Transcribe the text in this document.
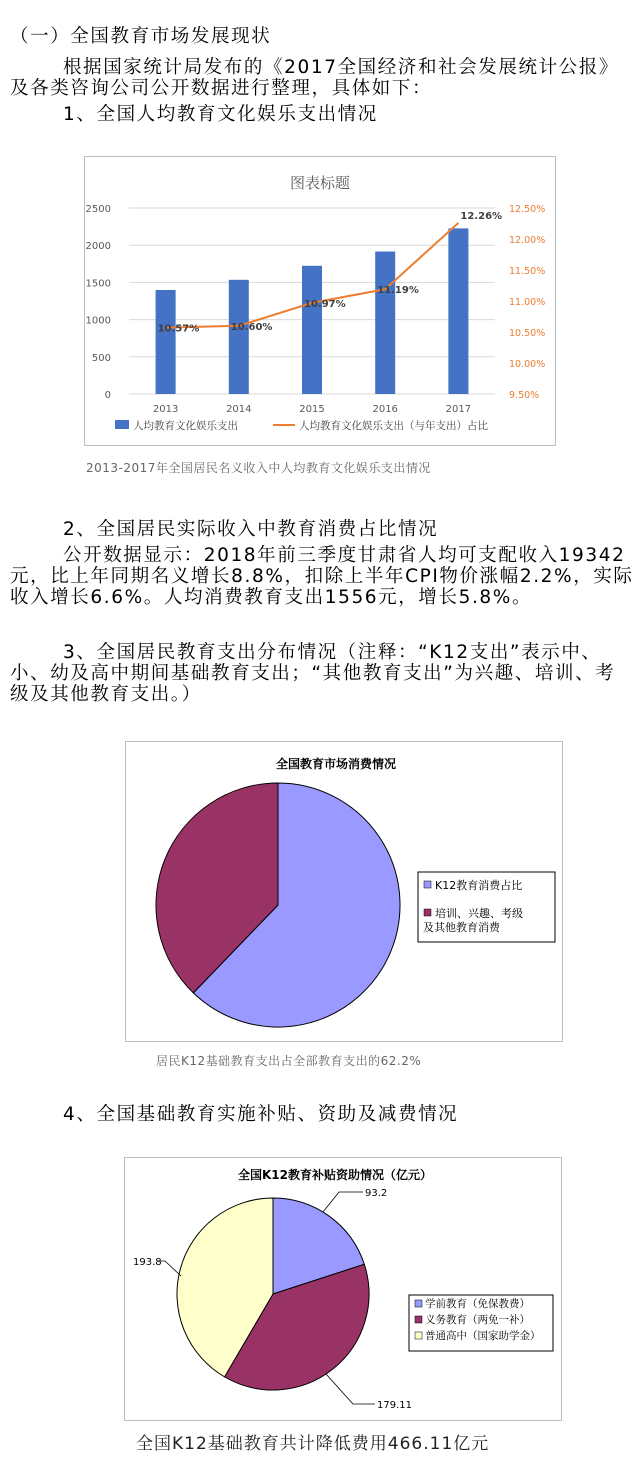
（一）全国教育市场发展现状
根据国家统计局发布的《2017全国经济和社会发展统计公报》及各类咨询公司公开数据进行整理，具体如下：
1、全国人均教育文化娱乐支出情况
图表标题
0
500
1000
1500
2000
2500
9.50%
10.00%
10.50%
11.00%
11.50%
12.00%
12.50%
2013	2014	2015	2016	2017
10.57%	10.60%
10.97%
11.19%
12.26%
人均教育文化娱乐支出	人均教育文化娱乐支出（与年支出）占比
2013-2017年全国居民名义收入中人均教育文化娱乐支出情况
2、全国居民实际收入中教育消费占比情况
公开数据显示：2018年前三季度甘肃省人均可支配收入19342元，比上年同期名义增长8.8%，扣除上半年CPI物价涨幅2.2%，实际收入增长6.6%。人均消费教育支出1556元，增长5.8%。
3、全国居民教育支出分布情况（注释：“K12支出”表示中、小、幼及高中期间基础教育支出；“其他教育支出”为兴趣、培训、考级及其他教育支出。）
全国教育市场消费情况
K12教育消费占比
培训、兴趣、考级及其他教育消费
居民K12基础教育支出占全部教育支出的62.2%
4、全国基础教育实施补贴、资助及减费情况
全国K12教育补贴资助情况（亿元）
93.2
179.11
193.8
学前教育（免保教费）
义务教育（两免一补）
普通高中（国家助学金）
全国K12基础教育共计降低费用466.11亿元
